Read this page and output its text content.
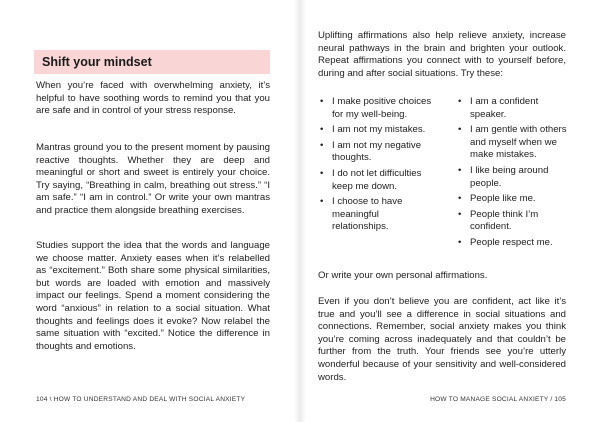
Shift your mindset

When you’re faced with overwhelming anxiety, it’s helpful to have soothing words to remind you that you are safe and in control of your stress response.

Mantras ground you to the present moment by pausing reactive thoughts. Whether they are deep and meaningful or short and sweet is entirely your choice. Try saying, “Breathing in calm, breathing out stress.” “I am safe.” “I am in control.” Or write your own mantras and practice them alongside breathing exercises.

Studies support the idea that the words and language we choose matter. Anxiety eases when it’s relabelled as “excitement.” Both share some physical similarities, but words are loaded with emotion and massively impact our feelings. Spend a moment considering the word “anxious” in relation to a social situation. What thoughts and feelings does it evoke? Now relabel the same situation with “excited.” Notice the difference in thoughts and emotions.

104 \ HOW TO UNDERSTAND AND DEAL WITH SOCIAL ANXIETY

Uplifting affirmations also help relieve anxiety, increase neural pathways in the brain and brighten your outlook. Repeat affirmations you connect with to yourself before, during and after social situations. Try these:

• I make positive choices for my well-being.
• I am not my mistakes.
• I am not my negative thoughts.
• I do not let difficulties keep me down.
• I choose to have meaningful relationships.
• I am a confident speaker.
• I am gentle with others and myself when we make mistakes.
• I like being around people.
• People like me.
• People think I’m confident.
• People respect me.

Or write your own personal affirmations.

Even if you don’t believe you are confident, act like it’s true and you’ll see a difference in social situations and connections. Remember, social anxiety makes you think you’re coming across inadequately and that couldn’t be further from the truth. Your friends see you’re utterly wonderful because of your sensitivity and well-considered words.

HOW TO MANAGE SOCIAL ANXIETY / 105
